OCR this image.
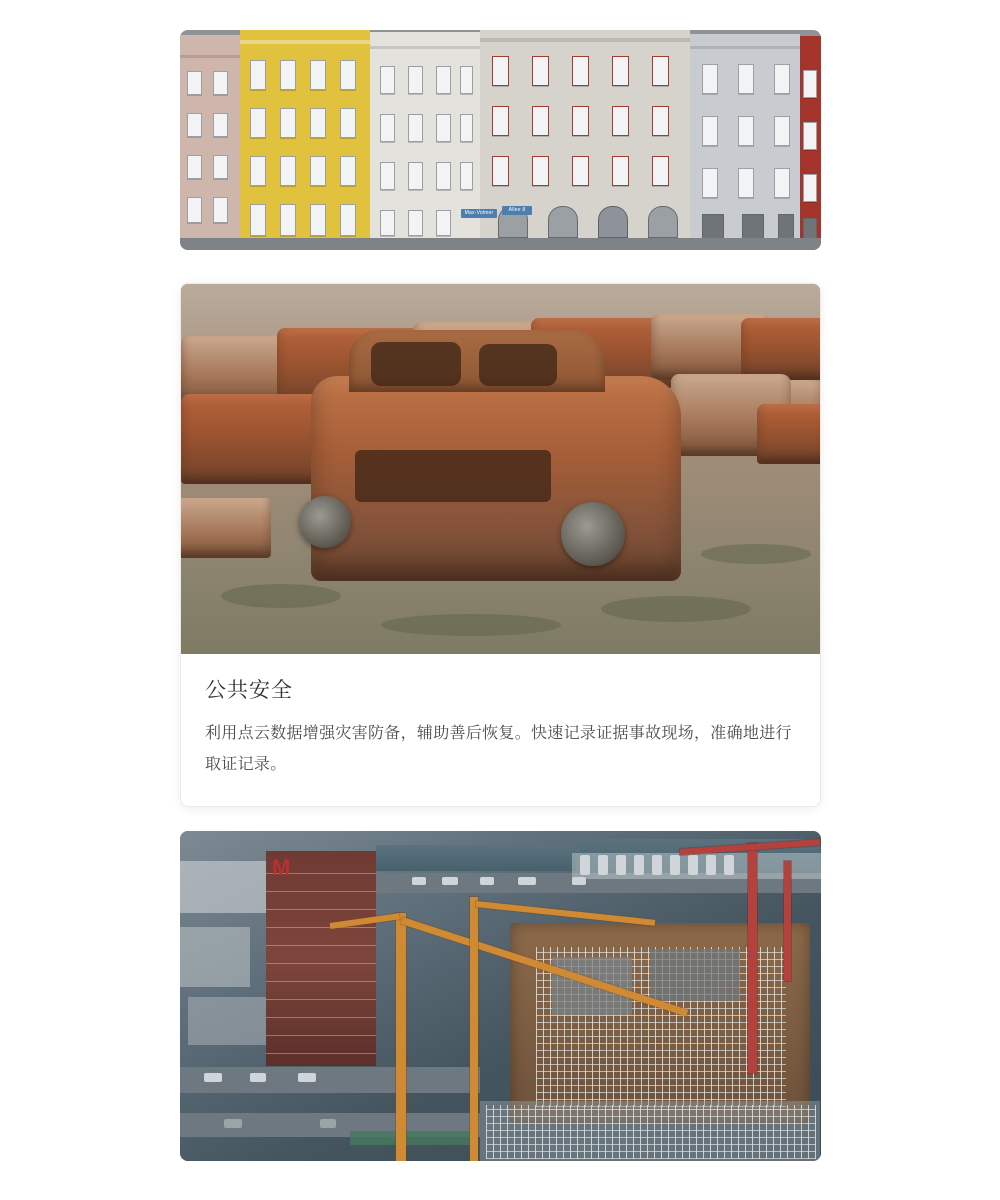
Max-Volmer	Allee 8
公共安全
利用点云数据增强灾害防备，辅助善后恢复。快速记录证据事故现场，准确地进行取证记录。
M
